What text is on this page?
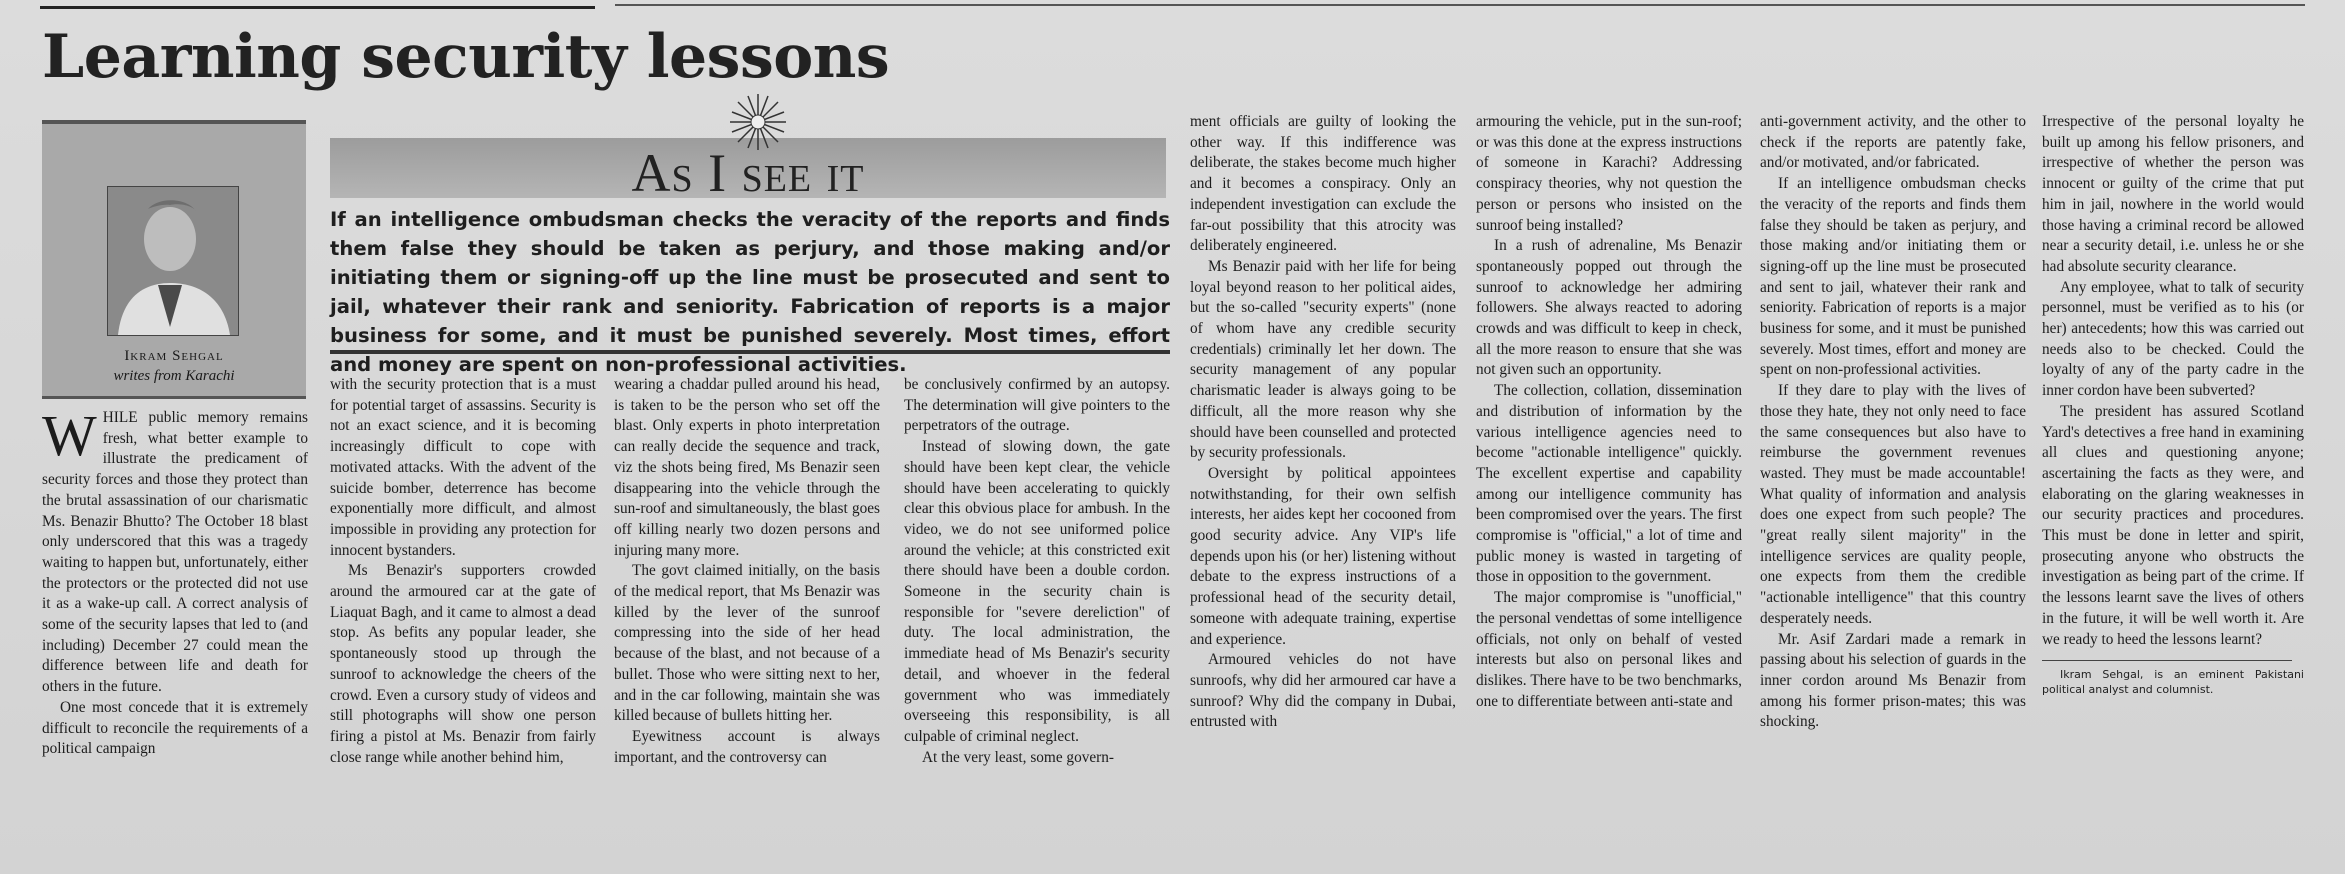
Learning security lessons
Ikram Sehgal
writes from Karachi
As I see it
If an intelligence ombudsman checks the veracity of the reports and finds them false they should be taken as perjury, and those making and/or initiating them or signing-off up the line must be prosecuted and sent to jail, whatever their rank and seniority. Fabrication of reports is a major business for some, and it must be punished severely. Most times, effort and money are spent on non-professional activities.

WHILE public memory remains fresh, what better example to illustrate the predicament of security forces and those they protect than the brutal assassination of our charismatic Ms. Benazir Bhutto? The October 18 blast only underscored that this was a tragedy waiting to happen but, unfortunately, either the protectors or the protected did not use it as a wake-up call. A correct analysis of some of the security lapses that led to (and including) December 27 could mean the difference between life and death for others in the future.

One most concede that it is extremely difficult to reconcile the requirements of a political campaign

with the security protection that is a must for potential target of assassins. Security is not an exact science, and it is becoming increasingly difficult to cope with motivated attacks. With the advent of the suicide bomber, deterrence has become exponentially more difficult, and almost impossible in providing any protection for innocent bystanders.

Ms Benazir's supporters crowded around the armoured car at the gate of Liaquat Bagh, and it came to almost a dead stop. As befits any popular leader, she spontaneously stood up through the sunroof to acknowledge the cheers of the crowd. Even a cursory study of videos and still photographs will show one person firing a pistol at Ms. Benazir from fairly close range while another behind him,

wearing a chaddar pulled around his head, is taken to be the person who set off the blast. Only experts in photo interpretation can really decide the sequence and track, viz the shots being fired, Ms Benazir seen disappearing into the vehicle through the sun-roof and simultaneously, the blast goes off killing nearly two dozen persons and injuring many more.

The govt claimed initially, on the basis of the medical report, that Ms Benazir was killed by the lever of the sunroof compressing into the side of her head because of the blast, and not because of a bullet. Those who were sitting next to her, and in the car following, maintain she was killed because of bullets hitting her.

Eyewitness account is always important, and the controversy can

be conclusively confirmed by an autopsy. The determination will give pointers to the perpetrators of the outrage.

Instead of slowing down, the gate should have been kept clear, the vehicle should have been accelerating to quickly clear this obvious place for ambush. In the video, we do not see uniformed police around the vehicle; at this constricted exit there should have been a double cordon. Someone in the security chain is responsible for "severe dereliction" of duty. The local administration, the immediate head of Ms Benazir's security detail, and whoever in the federal government who was immediately overseeing this responsibility, is all culpable of criminal neglect.

At the very least, some govern-

ment officials are guilty of looking the other way. If this indifference was deliberate, the stakes become much higher and it becomes a conspiracy. Only an independent investigation can exclude the far-out possibility that this atrocity was deliberately engineered.

Ms Benazir paid with her life for being loyal beyond reason to her political aides, but the so-called "security experts" (none of whom have any credible security credentials) criminally let her down. The security management of any popular charismatic leader is always going to be difficult, all the more reason why she should have been counselled and protected by security professionals.

Oversight by political appointees notwithstanding, for their own selfish interests, her aides kept her cocooned from good security advice. Any VIP's life depends upon his (or her) listening without debate to the express instructions of a professional head of the security detail, someone with adequate training, expertise and experience.

Armoured vehicles do not have sunroofs, why did her armoured car have a sunroof? Why did the company in Dubai, entrusted with

armouring the vehicle, put in the sun-roof; or was this done at the express instructions of someone in Karachi? Addressing conspiracy theories, why not question the person or persons who insisted on the sunroof being installed?

In a rush of adrenaline, Ms Benazir spontaneously popped out through the sunroof to acknowledge her admiring followers. She always reacted to adoring crowds and was difficult to keep in check, all the more reason to ensure that she was not given such an opportunity.

The collection, collation, dissemination and distribution of information by the various intelligence agencies need to become "actionable intelligence" quickly. The excellent expertise and capability among our intelligence community has been compromised over the years. The first compromise is "official," a lot of time and public money is wasted in targeting of those in opposition to the government.

The major compromise is "unofficial," the personal vendettas of some intelligence officials, not only on behalf of vested interests but also on personal likes and dislikes. There have to be two benchmarks, one to differentiate between anti-state and

anti-government activity, and the other to check if the reports are patently fake, and/or motivated, and/or fabricated.

If an intelligence ombudsman checks the veracity of the reports and finds them false they should be taken as perjury, and those making and/or initiating them or signing-off up the line must be prosecuted and sent to jail, whatever their rank and seniority. Fabrication of reports is a major business for some, and it must be punished severely. Most times, effort and money are spent on non-professional activities.

If they dare to play with the lives of those they hate, they not only need to face the same consequences but also have to reimburse the government revenues wasted. They must be made accountable! What quality of information and analysis does one expect from such people? The "great really silent majority" in the intelligence services are quality people, one expects from them the credible "actionable intelligence" that this country desperately needs.

Mr. Asif Zardari made a remark in passing about his selection of guards in the inner cordon around Ms Benazir from among his former prison-mates; this was shocking.

Irrespective of the personal loyalty he built up among his fellow prisoners, and irrespective of whether the person was innocent or guilty of the crime that put him in jail, nowhere in the world would those having a criminal record be allowed near a security detail, i.e. unless he or she had absolute security clearance.

Any employee, what to talk of security personnel, must be verified as to his (or her) antecedents; how this was carried out needs also to be checked. Could the loyalty of any of the party cadre in the inner cordon have been subverted?

The president has assured Scotland Yard's detectives a free hand in examining all clues and questioning anyone; ascertaining the facts as they were, and elaborating on the glaring weaknesses in our security practices and procedures. This must be done in letter and spirit, prosecuting anyone who obstructs the investigation as being part of the crime. If the lessons learnt save the lives of others in the future, it will be well worth it. Are we ready to heed the lessons learnt?

Ikram Sehgal, is an eminent Pakistani political analyst and columnist.
